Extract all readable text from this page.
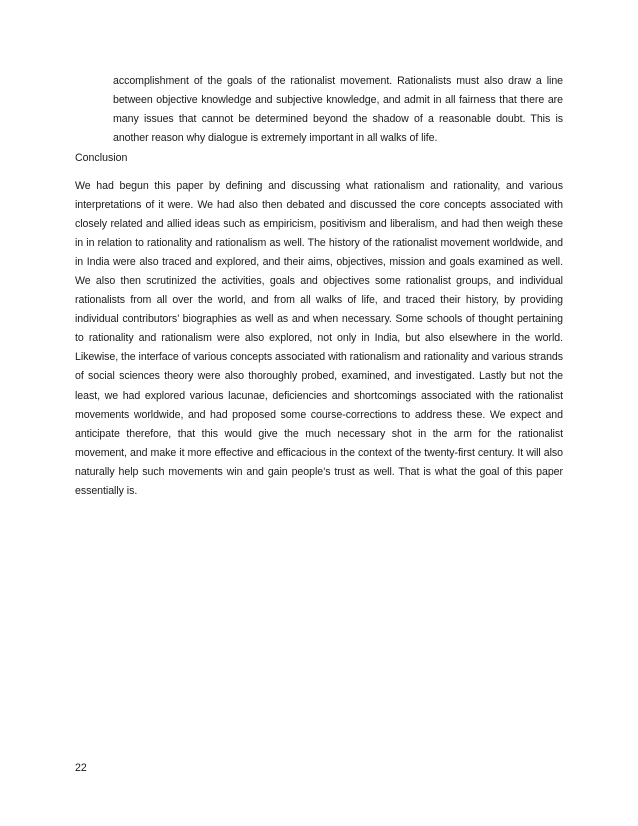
accomplishment of the goals of the rationalist movement. Rationalists must also draw a line between objective knowledge and subjective knowledge, and admit in all fairness that there are many issues that cannot be determined beyond the shadow of a reasonable doubt. This is another reason why dialogue is extremely important in all walks of life.

Conclusion

We had begun this paper by defining and discussing what rationalism and rationality, and various interpretations of it were. We had also then debated and discussed the core concepts associated with closely related and allied ideas such as empiricism, positivism and liberalism, and had then weigh these in in relation to rationality and rationalism as well. The history of the rationalist movement worldwide, and in India were also traced and explored, and their aims, objectives, mission and goals examined as well. We also then scrutinized the activities, goals and objectives some rationalist groups, and individual rationalists from all over the world, and from all walks of life, and traced their history, by providing individual contributors’ biographies as well as and when necessary. Some schools of thought pertaining to rationality and rationalism were also explored, not only in India, but also elsewhere in the world. Likewise, the interface of various concepts associated with rationalism and rationality and various strands of social sciences theory were also thoroughly probed, examined, and investigated. Lastly but not the least, we had explored various lacunae, deficiencies and shortcomings associated with the rationalist movements worldwide, and had proposed some course-corrections to address these. We expect and anticipate therefore, that this would give the much necessary shot in the arm for the rationalist movement, and make it more effective and efficacious in the context of the twenty-first century. It will also naturally help such movements win and gain people’s trust as well. That is what the goal of this paper essentially is.

22
